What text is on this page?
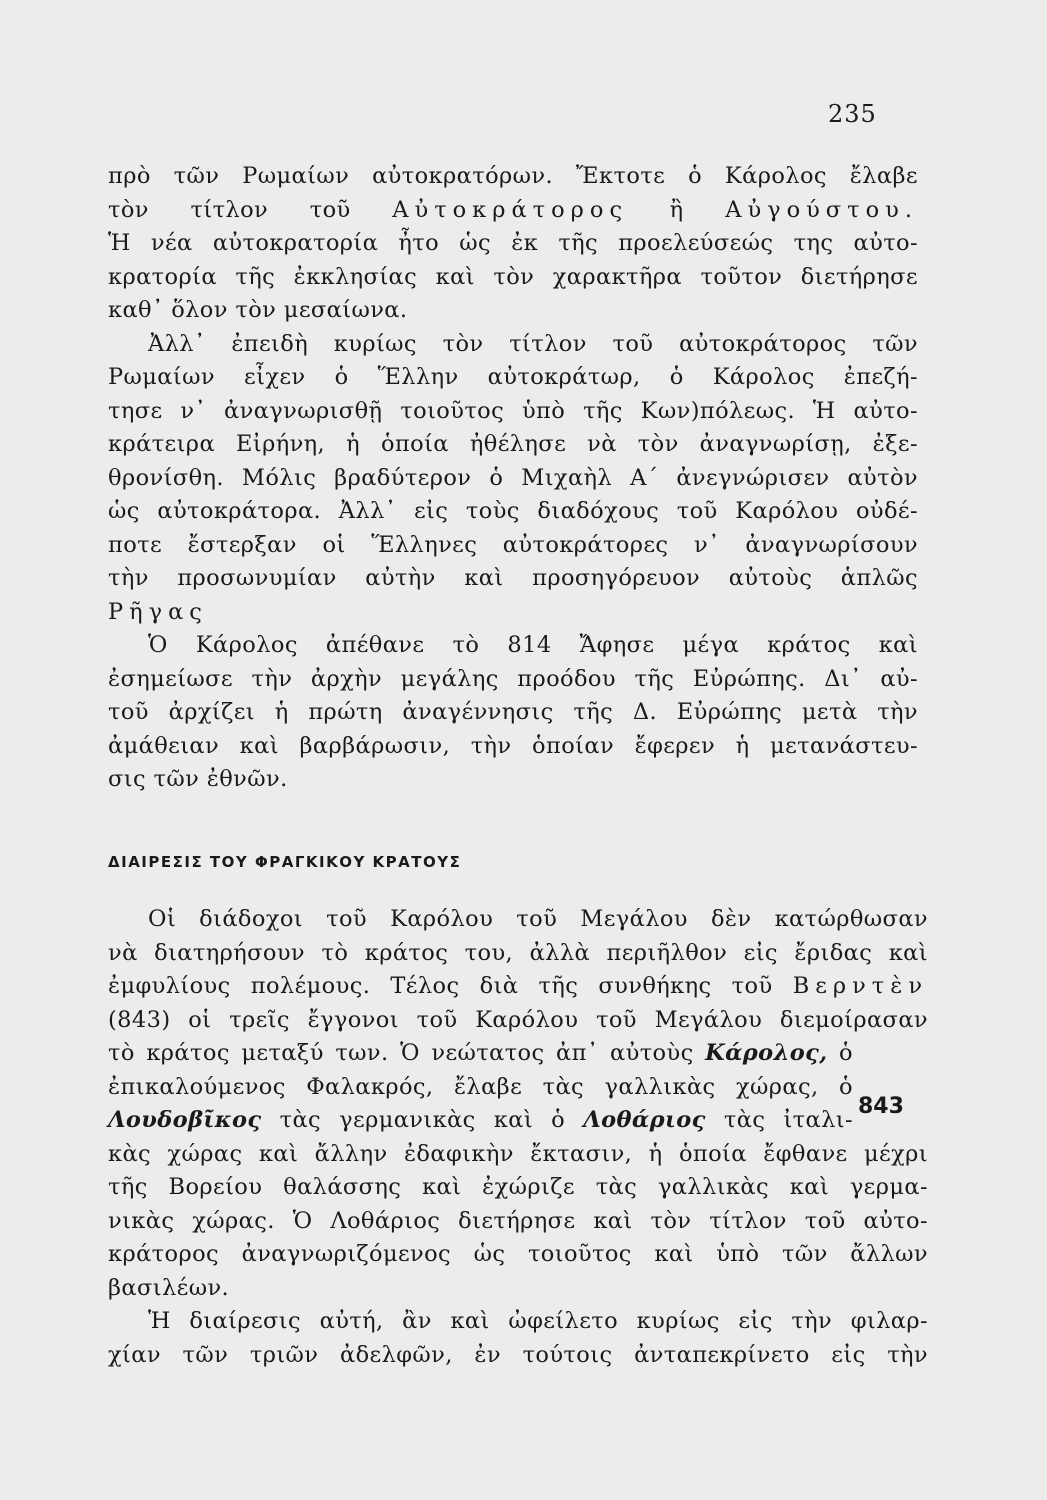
235
πρὸ τῶν Ρωμαίων αὐτοκρατόρων. Ἔκτοτε ὁ Κάρολος ἔλαβε
τὸν τίτλον τοῦ Αὐτοκράτορος ἢ Αὐγούστου.
Ἡ νέα αὐτοκρατορία ἦτο ὡς ἐκ τῆς προελεύσεώς της αὐτο-
κρατορία τῆς ἐκκλησίας καὶ τὸν χαρακτῆρα τοῦτον διετήρησε
καθ᾽ ὅλον τὸν μεσαίωνα.
Ἀλλ᾽ ἐπειδὴ κυρίως τὸν τίτλον τοῦ αὐτοκράτορος τῶν
Ρωμαίων εἶχεν ὁ Ἕλλην αὐτοκράτωρ, ὁ Κάρολος ἐπεζή-
τησε ν᾽ ἀναγνωρισθῇ τοιοῦτος ὑπὸ τῆς Κων)πόλεως. Ἡ αὐτο-
κράτειρα Εἰρήνη, ἡ ὁποία ἠθέλησε νὰ τὸν ἀναγνωρίσῃ, ἐξε-
θρονίσθη. Μόλις βραδύτερον ὁ Μιχαὴλ Α΄ ἀνεγνώρισεν αὐτὸν
ὡς αὐτοκράτορα. Ἀλλ᾽ εἰς τοὺς διαδόχους τοῦ Καρόλου οὐδέ-
ποτε ἔστερξαν οἱ Ἕλληνες αὐτοκράτορες ν᾽ ἀναγνωρίσουν
τὴν προσωνυμίαν αὐτὴν καὶ προσηγόρευον αὐτοὺς ἁπλῶς
Ρῆγας
Ὁ Κάρολος ἀπέθανε τὸ 814 Ἄφησε μέγα κράτος καὶ
ἐσημείωσε τὴν ἀρχὴν μεγάλης προόδου τῆς Εὐρώπης. Δι᾽ αὐ-
τοῦ ἀρχίζει ἡ πρώτη ἀναγέννησις τῆς Δ. Εὐρώπης μετὰ τὴν
ἀμάθειαν καὶ βαρβάρωσιν, τὴν ὁποίαν ἔφερεν ἡ μετανάστευ-
σις τῶν ἐθνῶν.
ΔΙΑΙΡΕΣΙΣ ΤΟΥ ΦΡΑΓΚΙΚΟΥ ΚΡΑΤΟΥΣ
Οἱ διάδοχοι τοῦ Καρόλου τοῦ Μεγάλου δὲν κατώρθωσαν
νὰ διατηρήσουν τὸ κράτος του, ἀλλὰ περιῆλθον εἰς ἔριδας καὶ
ἐμφυλίους πολέμους. Τέλος διὰ τῆς συνθήκης τοῦ Βερντὲν
(843) οἱ τρεῖς ἔγγονοι τοῦ Καρόλου τοῦ Μεγάλου διεμοίρασαν
τὸ κράτος μεταξύ των. Ὁ νεώτατος ἀπ᾽ αὐτοὺς Κάρολος, ὁ
ἐπικαλούμενος Φαλακρός, ἔλαβε τὰς γαλλικὰς χώρας, ὁ
Λουδοβῖκος τὰς γερμανικὰς καὶ ὁ Λοθάριος τὰς ἰταλι-
κὰς χώρας καὶ ἄλλην ἐδαφικὴν ἔκτασιν, ἡ ὁποία ἔφθανε μέχρι
τῆς Βορείου θαλάσσης καὶ ἐχώριζε τὰς γαλλικὰς καὶ γερμα-
νικὰς χώρας. Ὁ Λοθάριος διετήρησε καὶ τὸν τίτλον τοῦ αὐτο-
κράτορος ἀναγνωριζόμενος ὡς τοιοῦτος καὶ ὑπὸ τῶν ἄλλων
βασιλέων.
843
Ἡ διαίρεσις αὐτή, ἂν καὶ ὠφείλετο κυρίως εἰς τὴν φιλαρ-
χίαν τῶν τριῶν ἀδελφῶν, ἐν τούτοις ἀνταπεκρίνετο εἰς τὴν
